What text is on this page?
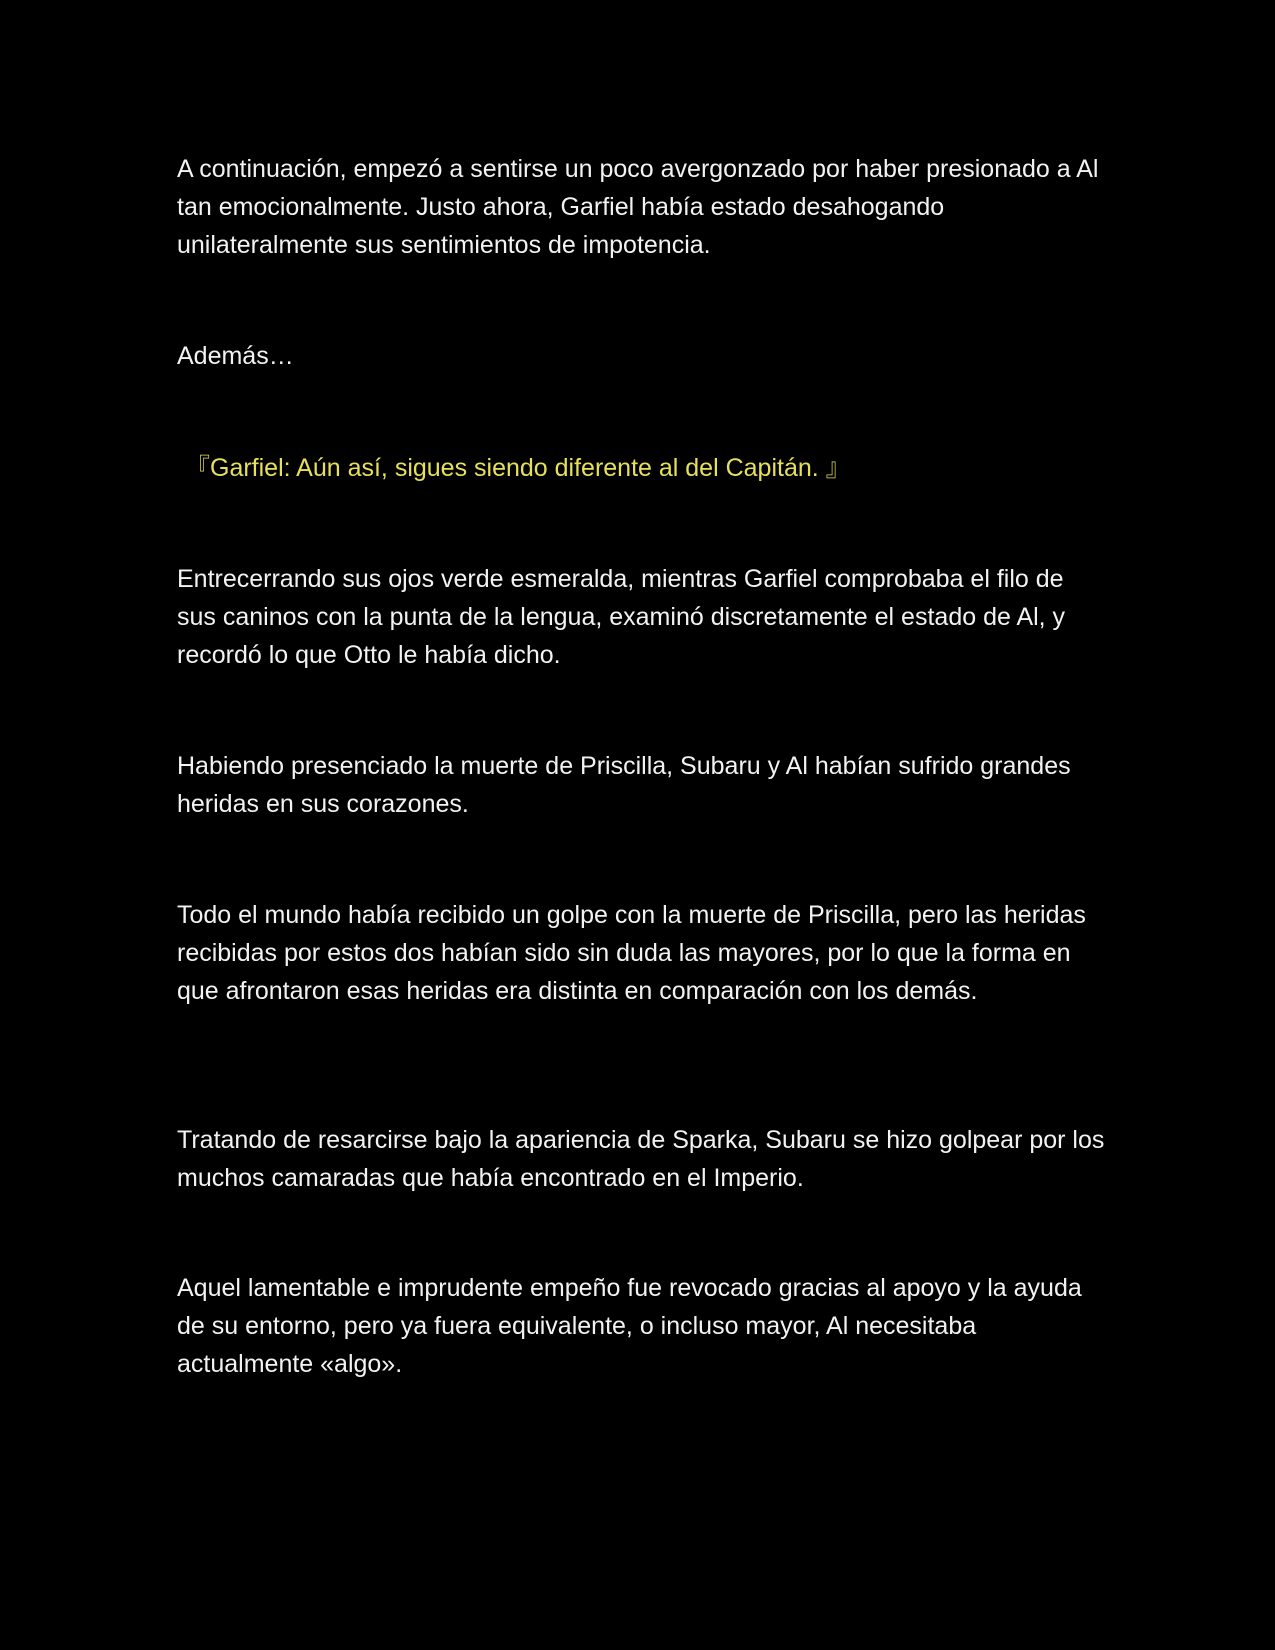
A continuación, empezó a sentirse un poco avergonzado por haber presionado a Al tan emocionalmente. Justo ahora, Garfiel había estado desahogando unilateralmente sus sentimientos de impotencia.

Además…

『Garfiel: Aún así, sigues siendo diferente al del Capitán. 』

Entrecerrando sus ojos verde esmeralda, mientras Garfiel comprobaba el filo de sus caninos con la punta de la lengua, examinó discretamente el estado de Al, y recordó lo que Otto le había dicho.

Habiendo presenciado la muerte de Priscilla, Subaru y Al habían sufrido grandes heridas en sus corazones.

Todo el mundo había recibido un golpe con la muerte de Priscilla, pero las heridas recibidas por estos dos habían sido sin duda las mayores, por lo que la forma en que afrontaron esas heridas era distinta en comparación con los demás.

Tratando de resarcirse bajo la apariencia de Sparka, Subaru se hizo golpear por los muchos camaradas que había encontrado en el Imperio.

Aquel lamentable e imprudente empeño fue revocado gracias al apoyo y la ayuda de su entorno, pero ya fuera equivalente, o incluso mayor, Al necesitaba actualmente «algo».
